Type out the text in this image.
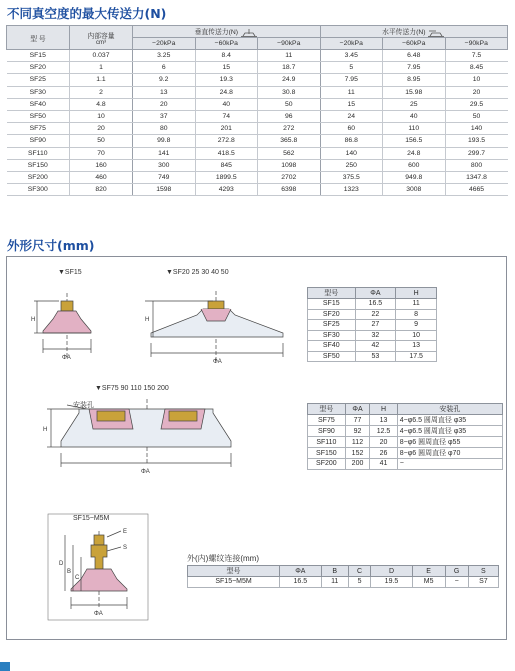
不同真空度的最大传送力(N)
型 号	内部容量
cm³	垂直传送力(N)			水平传送力(N)		
		−20kPa	−60kPa	−90kPa	−20kPa	−60kPa	−90kPa
SF15	0.037	3.25	8.4	11	3.45	6.48	7.5
SF20	1	6	15	18.7	5	7.95	8.45
SF25	1.1	9.2	19.3	24.9	7.95	8.95	10
SF30	2	13	24.8	30.8	11	15.98	20
SF40	4.8	20	40	50	15	25	29.5
SF50	10	37	74	96	24	40	50
SF75	20	80	201	272	60	110	140
SF90	50	99.8	272.8	365.8	86.8	156.5	193.5
SF110	70	141	418.5	562	140	24.8	299.7
SF150	160	300	845	1098	250	600	800
SF200	460	749	1899.5	2702	375.5	949.8	1347.8
SF300	820	1598	4293	6398	1323	3008	4665
外形尺寸(mm)
▼SF15	▼SF20 25 30 40 50
▼SF75 90 110 150 200
安装孔
SF15−M5M
H
ΦA
H
ΦA
型号	ΦA	H
SF15	16.5	11
SF20	22	8
SF25	27	9
SF30	32	10
SF40	42	13
SF50	53	17.5
H
ΦA
型号	ΦA	H	安装孔
SF75	77	13	4−φ6.5 圆周直径 φ35
SF90	92	12.5	4−φ6.5 圆周直径 φ35
SF110	112	20	8−φ6 圆周直径 φ55
SF150	152	26	8−φ6 圆周直径 φ70
SF200	200	41	−
E
S
D
B
C
ΦA
外(内)螺纹连接(mm)
型号	ΦA	B	C	D	E	G	S
SF15−M5M	16.5	11	5	19.5	M5	−	S7
